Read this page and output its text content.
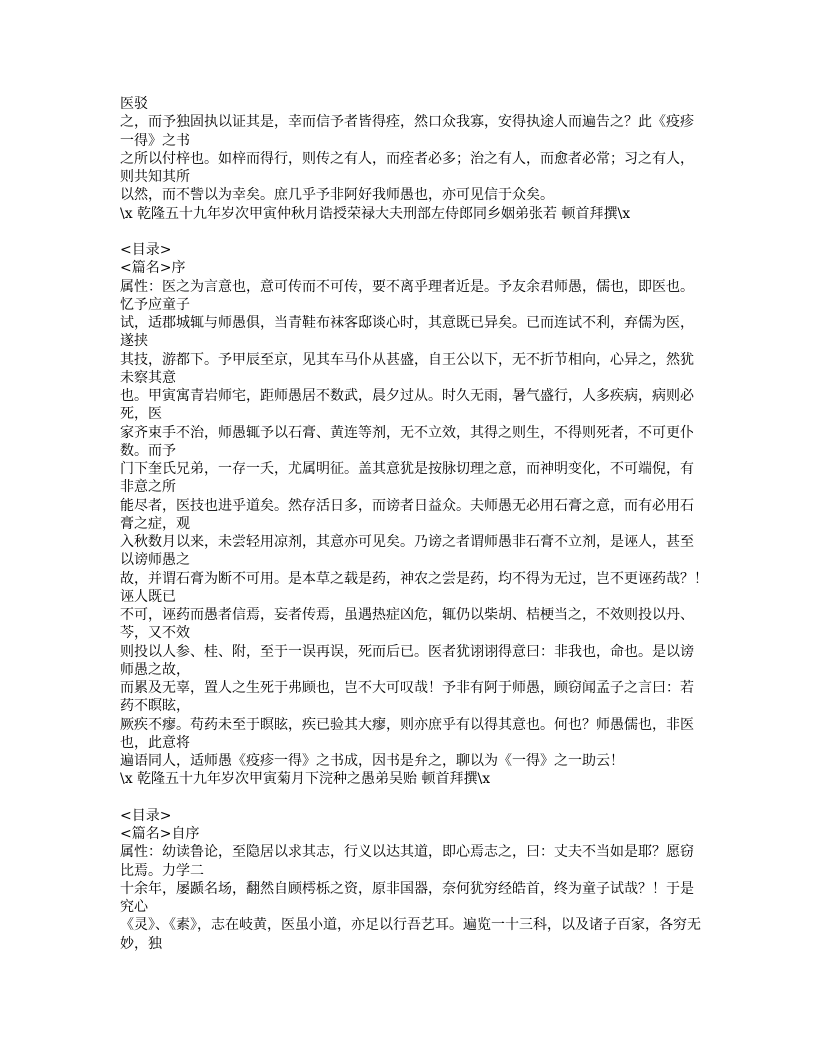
医驳
之，而予独固执以证其是，幸而信予者皆得痊，然口众我寡，安得执途人而遍告之？此《疫疹
一得》之书
之所以付梓也。如梓而得行，则传之有人，而痊者必多；治之有人，而愈者必常；习之有人，
则共知其所
以然，而不訾以为幸矣。庶几乎予非阿好我师愚也，亦可见信于众矣。
\x 乾隆五十九年岁次甲寅仲秋月诰授荣禄大夫刑部左侍郎同乡姻弟张若 顿首拜撰\x
<目录>
<篇名>序
属性：医之为言意也，意可传而不可传，要不离乎理者近是。予友余君师愚，儒也，即医也。
忆予应童子
试，适郡城辄与师愚俱，当青鞋布袜客邸谈心时，其意既已异矣。已而连试不利，弃儒为医，
遂挟
其技，游都下。予甲辰至京，见其车马仆从甚盛，自王公以下，无不折节相向，心异之，然犹
未察其意
也。甲寅寓青岩师宅，距师愚居不数武，晨夕过从。时久无雨，暑气盛行，人多疾病，病则必
死，医
家齐束手不治，师愚辄予以石膏、黄连等剂，无不立效，其得之则生，不得则死者，不可更仆
数。而予
门下奎氏兄弟，一存一夭，尤属明征。盖其意犹是按脉切理之意，而神明变化，不可端倪，有
非意之所
能尽者，医技也进乎道矣。然存活日多，而谤者日益众。夫师愚无必用石膏之意，而有必用石
膏之症，观
入秋数月以来，未尝轻用凉剂，其意亦可见矣。乃谤之者谓师愚非石膏不立剂，是诬人，甚至
以谤师愚之
故，并谓石膏为断不可用。是本草之载是药，神农之尝是药，均不得为无过，岂不更诬药哉？！
诬人既已
不可，诬药而愚者信焉，妄者传焉，虽遇热症凶危，辄仍以柴胡、桔梗当之，不效则投以丹、
芩，又不效
则投以人参、桂、附，至于一误再误，死而后已。医者犹诩诩得意曰：非我也，命也。是以谤
师愚之故，
而累及无辜，置人之生死于弗顾也，岂不大可叹哉！予非有阿于师愚，顾窃闻孟子之言曰：若
药不瞑眩，
厥疾不瘳。苟药未至于瞑眩，疾已验其大瘳，则亦庶乎有以得其意也。何也？师愚儒也，非医
也，此意将
遍语同人，适师愚《疫疹一得》之书成，因书是弁之，聊以为《一得》之一助云！
\x 乾隆五十九年岁次甲寅菊月下浣种之愚弟吴贻 顿首拜撰\x
<目录>
<篇名>自序
属性：幼读鲁论，至隐居以求其志，行义以达其道，即心焉志之，曰：丈夫不当如是耶？愿窃
比焉。力学二
十余年，屡踬名场，翻然自顾樗栎之资，原非国器，奈何犹穷经皓首，终为童子试哉？！于是
究心
《灵》、《素》，志在岐黄，医虽小道，亦足以行吾艺耳。遍览一十三科，以及诸子百家，各穷无
妙，独
